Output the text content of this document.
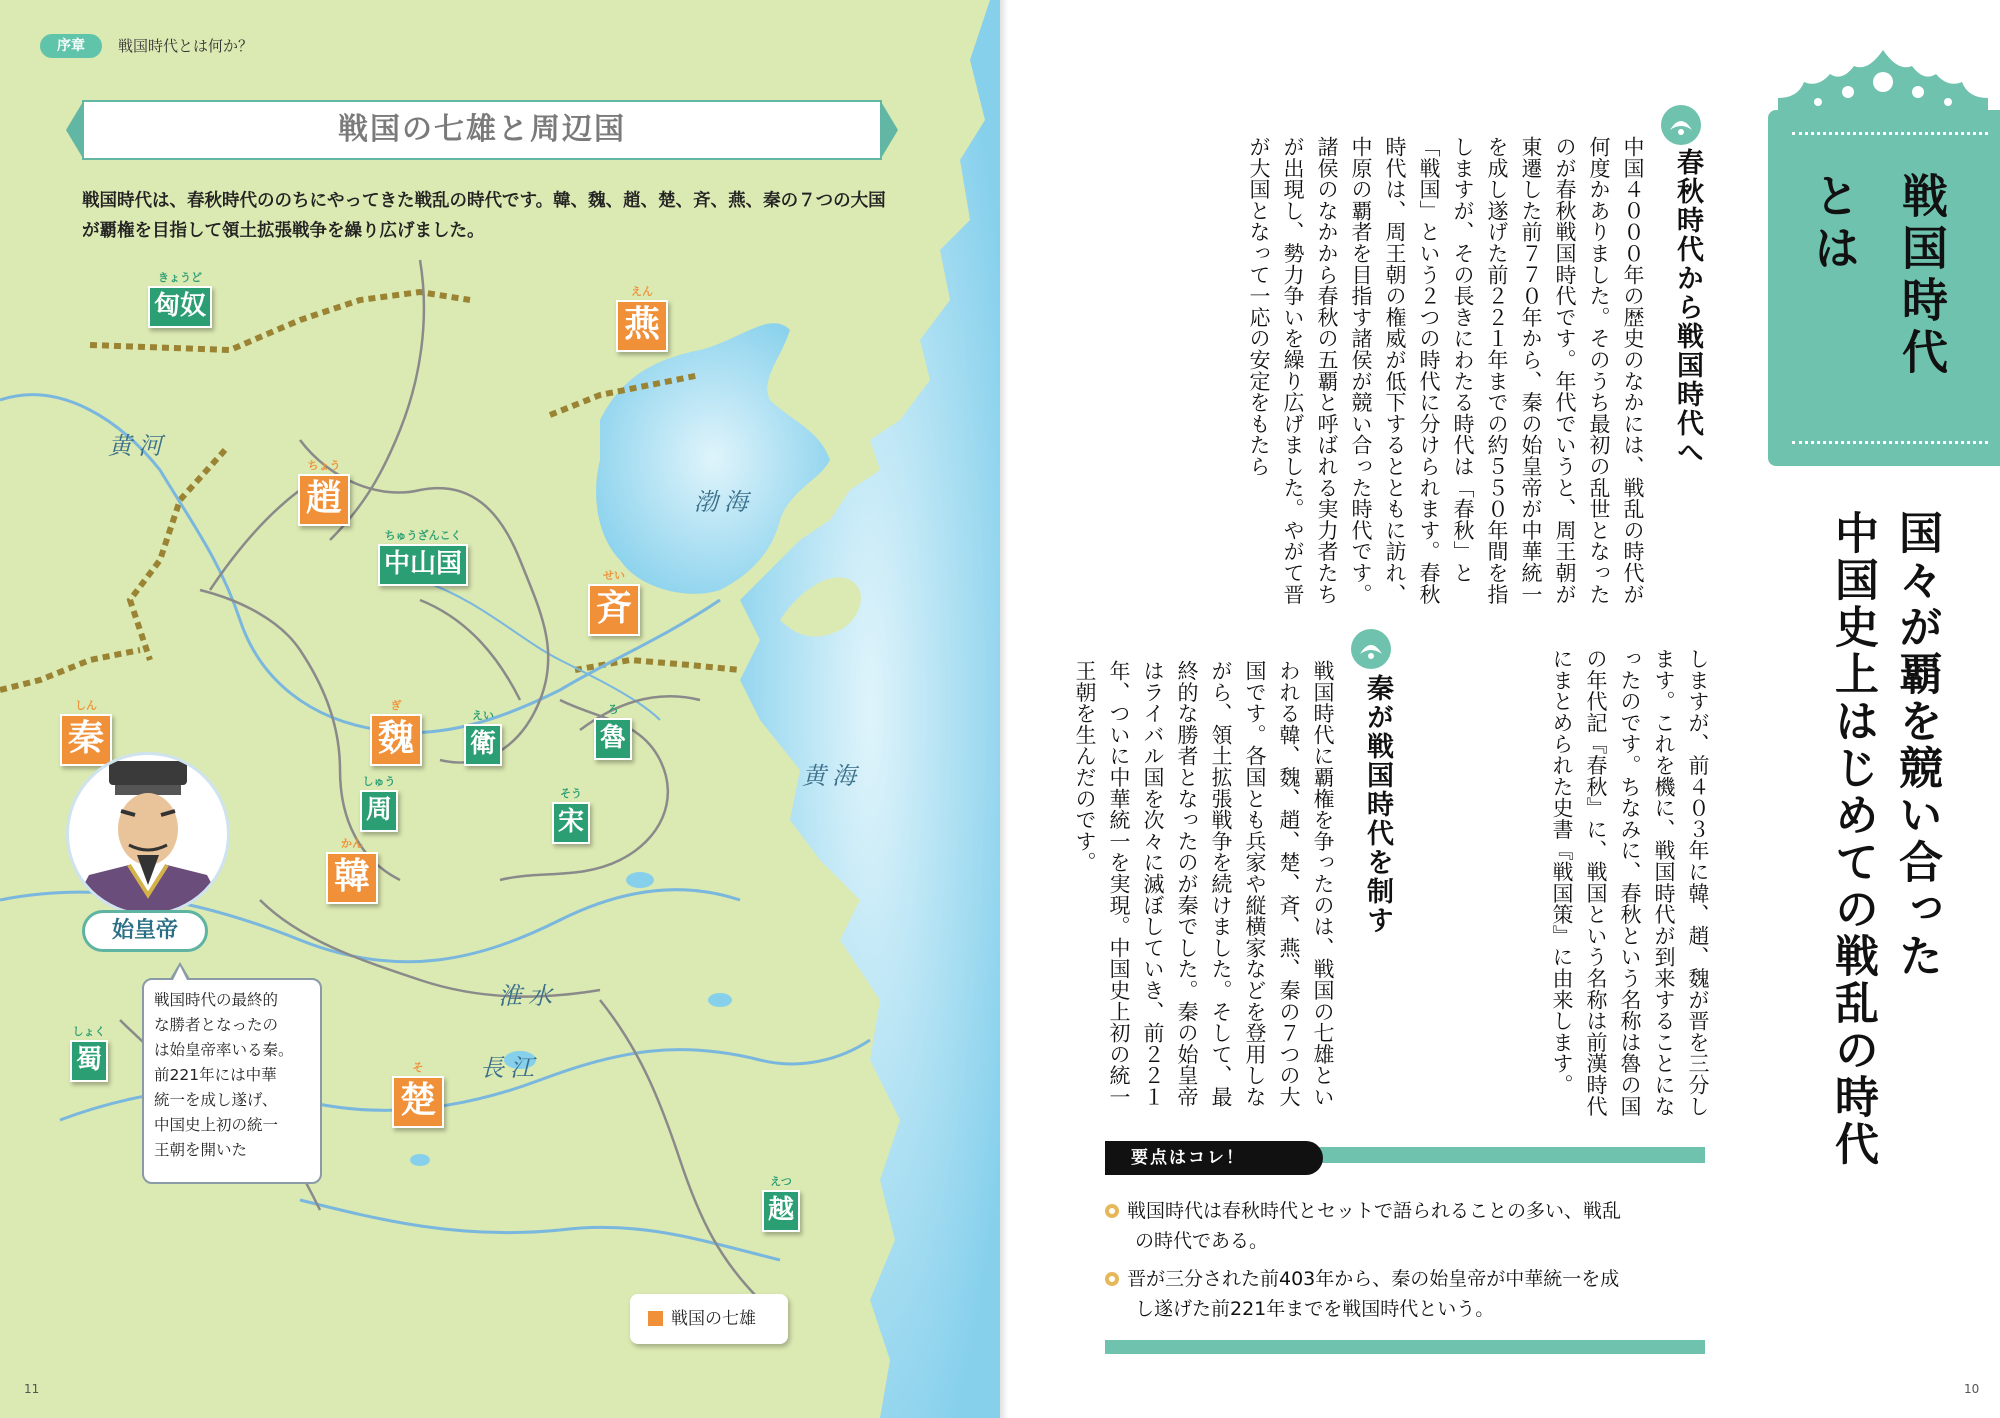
序章	戦国時代とは何か？
戦国の七雄と周辺国
戦国時代は、春秋時代ののちにやってきた戦乱の時代です。韓、魏、趙、楚、斉、燕、秦の７つの大国が覇権を目指して領土拡張戦争を繰り広げました。
きょうど
匈奴
ちゅうざんこく
中山国
えい
衛
ろ
魯
しゅう
周
そう
宋
しょく
蜀
えつ
越
えん
燕
ちょう
趙
せい
斉
しん
秦
ぎ
魏
かん
韓
そ
楚
黄河
渤海
黄海
淮水
長江
始皇帝
戦国時代の最終的
な勝者となったの
は始皇帝率いる秦。
前221年には中華
統一を成し遂げ、
中国史上初の統一
王朝を開いた
戦国の七雄
11
戦国時代とは
国々が覇を競い合った
中国史上はじめての戦乱の時代
春秋時代から戦国時代へ
中国４０００年の歴史のなかには、戦乱の時代が何度かありました。そのうち最初の乱世となったのが春秋戦国時代です。年代でいうと、周王朝が東遷した前７７０年から、秦の始皇帝が中華統一を成し遂げた前２２１年までの約５５０年間を指しますが、その長きにわたる時代は「春秋」と「戦国」という２つの時代に分けられます。春秋時代は、周王朝の権威が低下するとともに訪れ、中原の覇者を目指す諸侯が競い合った時代です。諸侯のなかから春秋の五覇と呼ばれる実力者たちが出現し、勢力争いを繰り広げました。やがて晋が大国となって一応の安定をもたら
しますが、前４０３年に韓、趙、魏が晋を三分します。これを機に、戦国時代が到来することになったのです。ちなみに、春秋という名称は魯の国の年代記『春秋』に、戦国という名称は前漢時代にまとめられた史書『戦国策』に由来します。
秦が戦国時代を制す
戦国時代に覇権を争ったのは、戦国の七雄といわれる韓、魏、趙、楚、斉、燕、秦の７つの大国です。各国とも兵家や縦横家などを登用しながら、領土拡張戦争を続けました。そして、最終的な勝者となったのが秦でした。秦の始皇帝はライバル国を次々に滅ぼしていき、前２２１年、ついに中華統一を実現。中国史上初の統一王朝を生んだのです。
要点はコレ！
戦国時代は春秋時代とセットで語られることの多い、戦乱
の時代である。
晋が三分された前403年から、秦の始皇帝が中華統一を成
し遂げた前221年までを戦国時代という。
10
